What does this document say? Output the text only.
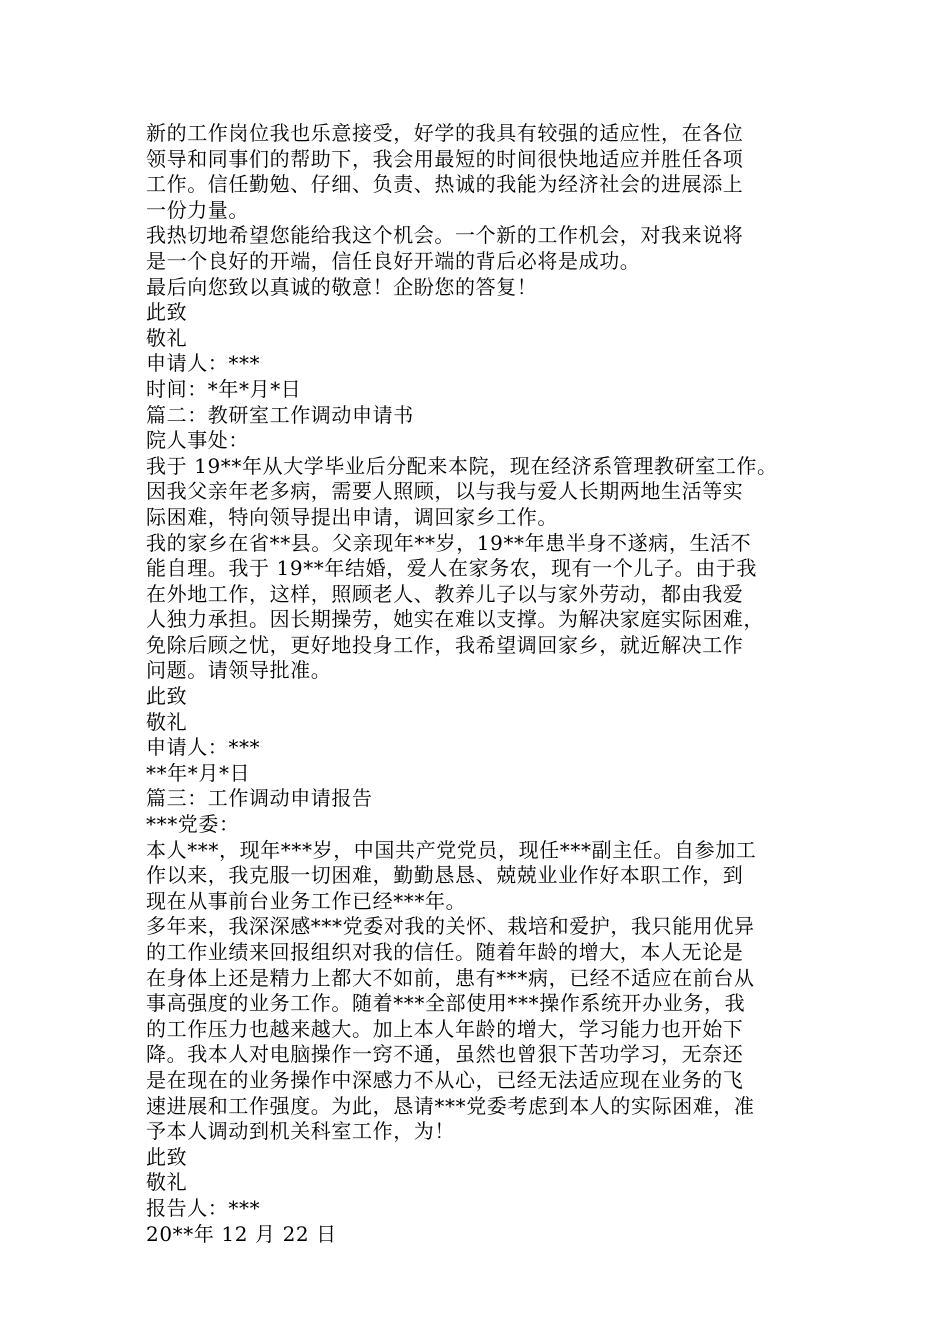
新的工作岗位我也乐意接受，好学的我具有较强的适应性，在各位
领导和同事们的帮助下，我会用最短的时间很快地适应并胜任各项
工作。信任勤勉、仔细、负责、热诚的我能为经济社会的进展添上
一份力量。
我热切地希望您能给我这个机会。一个新的工作机会，对我来说将
是一个良好的开端，信任良好开端的背后必将是成功。
最后向您致以真诚的敬意！企盼您的答复！
此致
敬礼
申请人：***
时间：*年*月*日
篇二：教研室工作调动申请书
院人事处：
我于 19**年从大学毕业后分配来本院，现在经济系管理教研室工作。
因我父亲年老多病，需要人照顾，以与我与爱人长期两地生活等实
际困难，特向领导提出申请，调回家乡工作。
我的家乡在省**县。父亲现年**岁，19**年患半身不遂病，生活不
能自理。我于 19**年结婚，爱人在家务农，现有一个儿子。由于我
在外地工作，这样，照顾老人、教养儿子以与家外劳动，都由我爱
人独力承担。因长期操劳，她实在难以支撑。为解决家庭实际困难，
免除后顾之忧，更好地投身工作，我希望调回家乡，就近解决工作
问题。请领导批准。
此致
敬礼
申请人：***
**年*月*日
篇三：工作调动申请报告
***党委：
本人***，现年***岁，中国共产党党员，现任***副主任。自参加工
作以来，我克服一切困难，勤勤恳恳、兢兢业业作好本职工作，到
现在从事前台业务工作已经***年。
多年来，我深深感***党委对我的关怀、栽培和爱护，我只能用优异
的工作业绩来回报组织对我的信任。随着年龄的增大，本人无论是
在身体上还是精力上都大不如前，患有***病，已经不适应在前台从
事高强度的业务工作。随着***全部使用***操作系统开办业务，我
的工作压力也越来越大。加上本人年龄的增大，学习能力也开始下
降。我本人对电脑操作一窍不通，虽然也曾狠下苦功学习，无奈还
是在现在的业务操作中深感力不从心，已经无法适应现在业务的飞
速进展和工作强度。为此，恳请***党委考虑到本人的实际困难，准
予本人调动到机关科室工作，为！
此致
敬礼
报告人：***
20**年 12 月 22 日
